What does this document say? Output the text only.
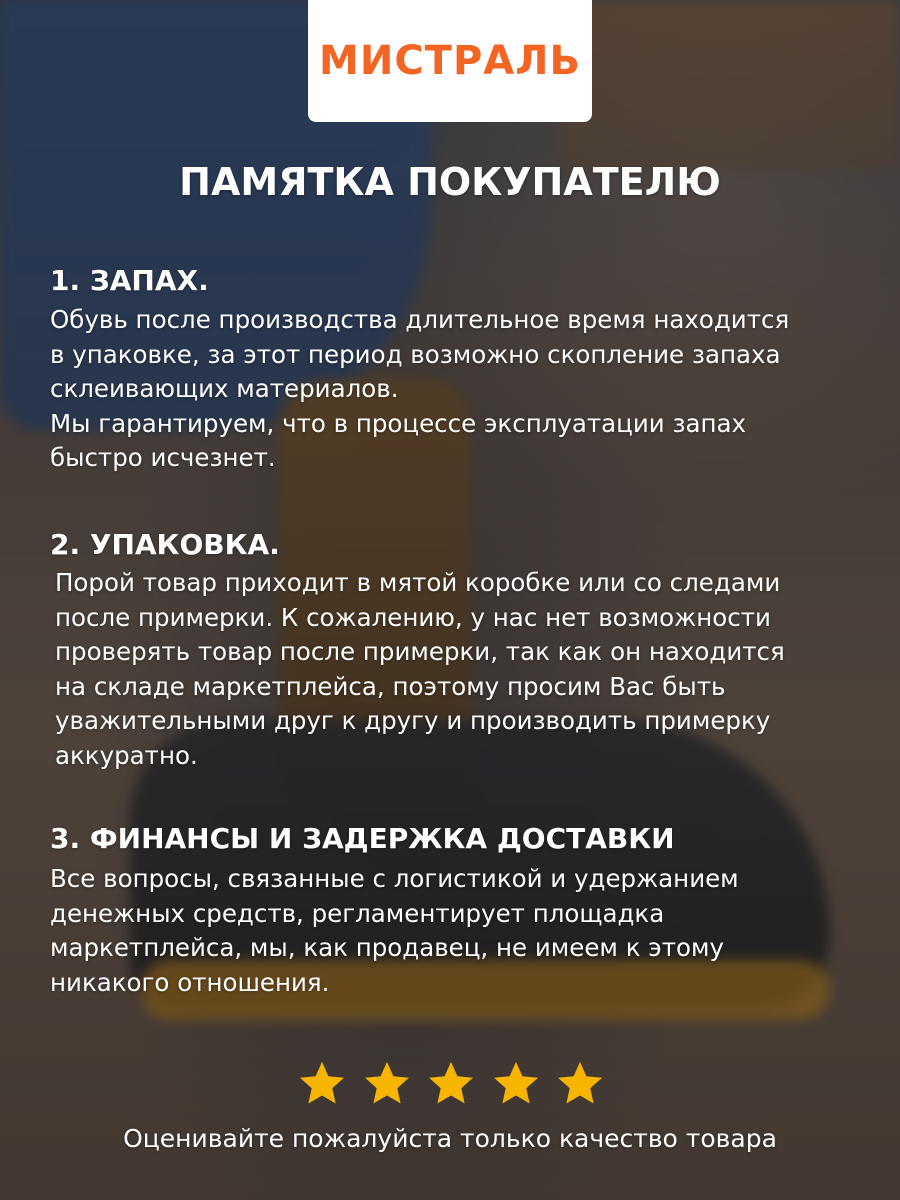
МИСТРАЛЬ
ПАМЯТКА ПОКУПАТЕЛЮ
1. ЗАПАХ.
Обувь после производства длительное время находится
в упаковке, за этот период возможно скопление запаха
склеивающих материалов.
Мы гарантируем, что в процессе эксплуатации запах
быстро исчезнет.
2. УПАКОВКА.
Порой товар приходит в мятой коробке или со следами
после примерки. К сожалению, у нас нет возможности
проверять товар после примерки, так как он находится
на складе маркетплейса, поэтому просим Вас быть
уважительными друг к другу и производить примерку
аккуратно.
3. ФИНАНСЫ И ЗАДЕРЖКА ДОСТАВКИ
Все вопросы, связанные с логистикой и удержанием
денежных средств, регламентирует площадка
маркетплейса, мы, как продавец, не имеем к этому
никакого отношения.
Оценивайте пожалуйста только качество товара
